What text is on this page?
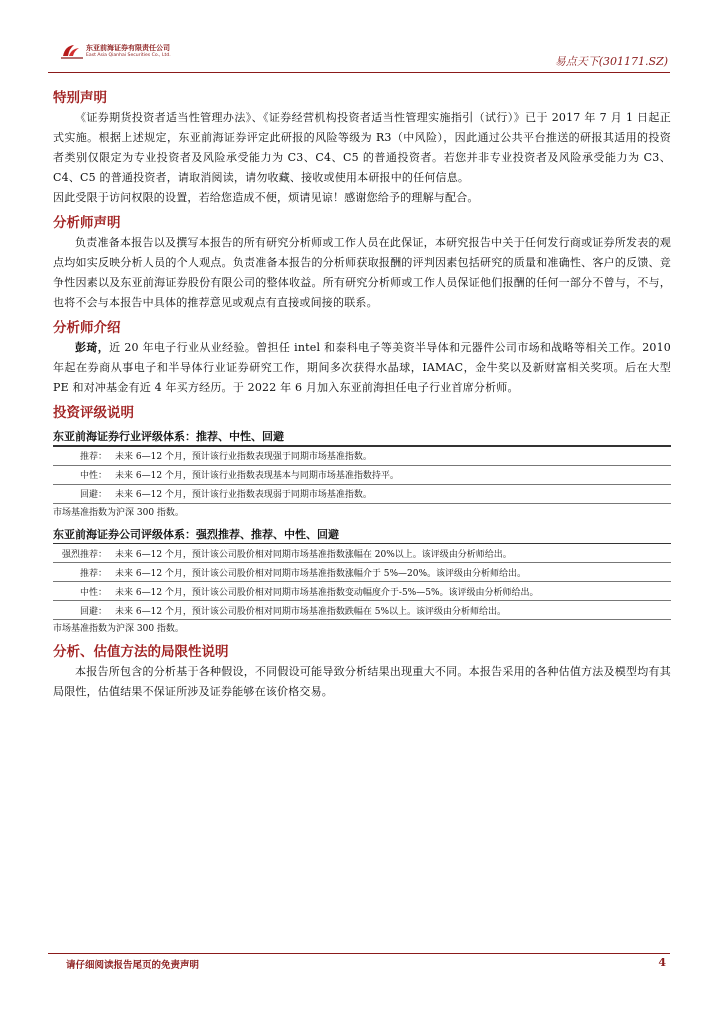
东亚前海证券有限责任公司
East Asia Qianhai Securities Co., Ltd.	易点天下(301171.SZ)
特别声明

《证券期货投资者适当性管理办法》、《证券经营机构投资者适当性管理实施指引（试行）》已于 2017 年 7 月 1 日起正式实施。根据上述规定，东亚前海证券评定此研报的风险等级为 R3（中风险），因此通过公共平台推送的研报其适用的投资者类别仅限定为专业投资者及风险承受能力为 C3、C4、C5 的普通投资者。若您并非专业投资者及风险承受能力为 C3、C4、C5 的普通投资者，请取消阅读，请勿收藏、接收或使用本研报中的任何信息。

因此受限于访问权限的设置，若给您造成不便，烦请见谅！感谢您给予的理解与配合。

分析师声明

负责准备本报告以及撰写本报告的所有研究分析师或工作人员在此保证，本研究报告中关于任何发行商或证券所发表的观点均如实反映分析人员的个人观点。负责准备本报告的分析师获取报酬的评判因素包括研究的质量和准确性、客户的反馈、竞争性因素以及东亚前海证券股份有限公司的整体收益。所有研究分析师或工作人员保证他们报酬的任何一部分不曾与，不与，也将不会与本报告中具体的推荐意见或观点有直接或间接的联系。

分析师介绍

彭琦，近 20 年电子行业从业经验。曾担任 intel 和泰科电子等美资半导体和元器件公司市场和战略等相关工作。2010 年起在券商从事电子和半导体行业证券研究工作，期间多次获得水晶球，IAMAC，金牛奖以及新财富相关奖项。后在大型 PE 和对冲基金有近 4 年买方经历。于 2022 年 6 月加入东亚前海担任电子行业首席分析师。

投资评级说明
东亚前海证券行业评级体系：推荐、中性、回避
推荐：	未来 6—12 个月，预计该行业指数表现强于同期市场基准指数。
中性：	未来 6—12 个月，预计该行业指数表现基本与同期市场基准指数持平。
回避：	未来 6—12 个月，预计该行业指数表现弱于同期市场基准指数。
市场基准指数为沪深 300 指数。
东亚前海证券公司评级体系：强烈推荐、推荐、中性、回避
强烈推荐：	未来 6—12 个月，预计该公司股价相对同期市场基准指数涨幅在 20%以上。该评级由分析师给出。
推荐：	未来 6—12 个月，预计该公司股价相对同期市场基准指数涨幅介于 5%—20%。该评级由分析师给出。
中性：	未来 6—12 个月，预计该公司股价相对同期市场基准指数变动幅度介于-5%—5%。该评级由分析师给出。
回避：	未来 6—12 个月，预计该公司股价相对同期市场基准指数跌幅在 5%以上。该评级由分析师给出。
市场基准指数为沪深 300 指数。
分析、估值方法的局限性说明

本报告所包含的分析基于各种假设，不同假设可能导致分析结果出现重大不同。本报告采用的各种估值方法及模型均有其局限性，估值结果不保证所涉及证券能够在该价格交易。

请仔细阅读报告尾页的免责声明	4
